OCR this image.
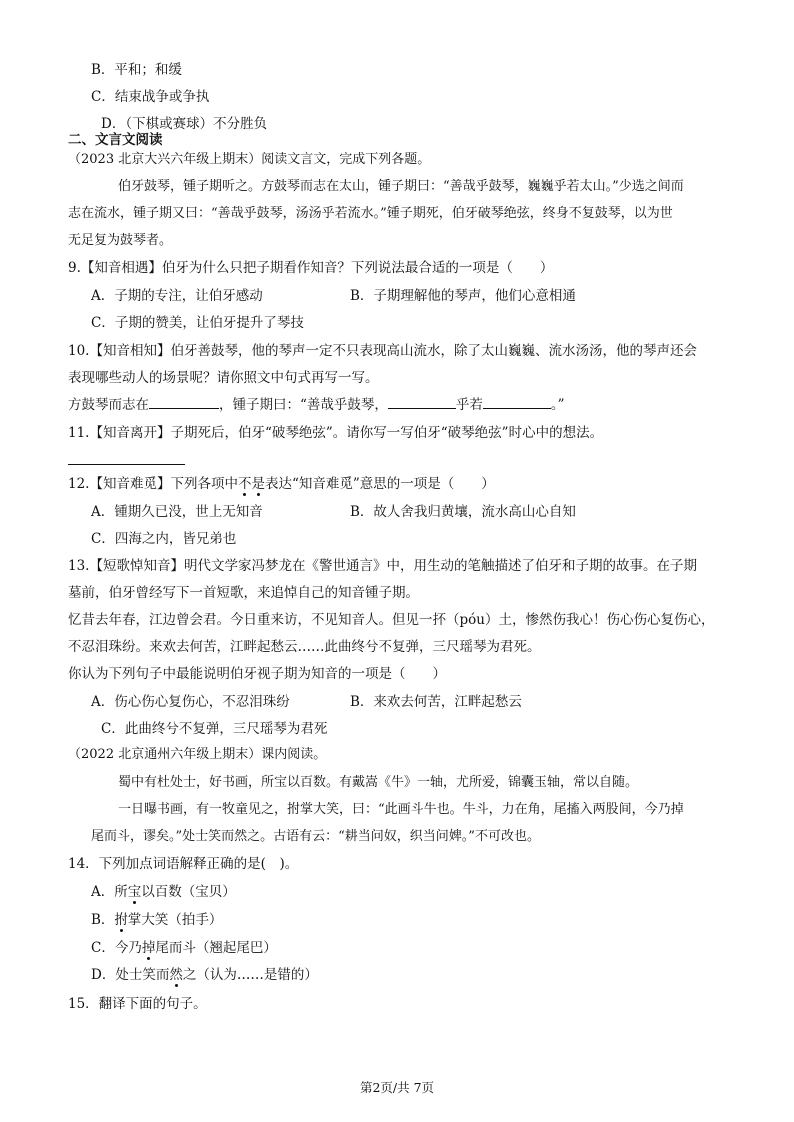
B．平和；和缓
C．结束战争或争执
D．（下棋或赛球）不分胜负
二、文言文阅读
（2023 北京大兴六年级上期末）阅读文言文，完成下列各题。
伯牙鼓琴，锺子期听之。方鼓琴而志在太山，锺子期曰：“善哉乎鼓琴，巍巍乎若太山。”少选之间而
志在流水，锺子期又曰：“善哉乎鼓琴，汤汤乎若流水。”锺子期死，伯牙破琴绝弦，终身不复鼓琴，以为世
无足复为鼓琴者。
9.【知音相遇】伯牙为什么只把子期看作知音？下列说法最合适的一项是（　　）
A．子期的专注，让伯牙感动	B．子期理解他的琴声，他们心意相通
C．子期的赞美，让伯牙提升了琴技
10.【知音相知】伯牙善鼓琴，他的琴声一定不只表现高山流水，除了太山巍巍、流水汤汤，他的琴声还会
表现哪些动人的场景呢？请你照文中句式再写一写。
方鼓琴而志在	，锺子期曰：“善哉乎鼓琴，	乎若	。”
11.【知音离开】子期死后，伯牙“破琴绝弦”。请你写一写伯牙“破琴绝弦”时心中的想法。
12.【知音难觅】下列各项中不是表达“知音难觅”意思的一项是（　　）
A．锺期久已没，世上无知音	B．故人舍我归黄壤，流水高山心自知
C．四海之内，皆兄弟也
13.【短歌悼知音】明代文学家冯梦龙在《警世通言》中，用生动的笔触描述了伯牙和子期的故事。在子期
墓前，伯牙曾经写下一首短歌，来追悼自己的知音锺子期。
忆昔去年春，江边曾会君。今日重来访，不见知音人。但见一抔（póu）土，惨然伤我心！伤心伤心复伤心，
不忍泪珠纷。来欢去何苦，江畔起愁云……此曲终兮不复弹，三尺瑶琴为君死。
你认为下列句子中最能说明伯牙视子期为知音的一项是（　　）
A．伤心伤心复伤心，不忍泪珠纷	B．来欢去何苦，江畔起愁云
C．此曲终兮不复弹，三尺瑶琴为君死
（2022 北京通州六年级上期末）课内阅读。
蜀中有杜处士，好书画，所宝以百数。有戴嵩《牛》一轴，尤所爱，锦囊玉轴，常以自随。
一日曝书画，有一牧童见之，拊掌大笑，曰：“此画斗牛也。牛斗，力在角，尾搐入两股间，今乃掉
尾而斗，谬矣。”处士笑而然之。古语有云：“耕当问奴，织当问婢。”不可改也。
14．下列加点词语解释正确的是(　)。
A．所宝以百数（宝贝）
B．拊掌大笑（拍手）
C．今乃掉尾而斗（翘起尾巴）
D．处士笑而然之（认为……是错的）
15．翻译下面的句子。
第2页/共 7页
